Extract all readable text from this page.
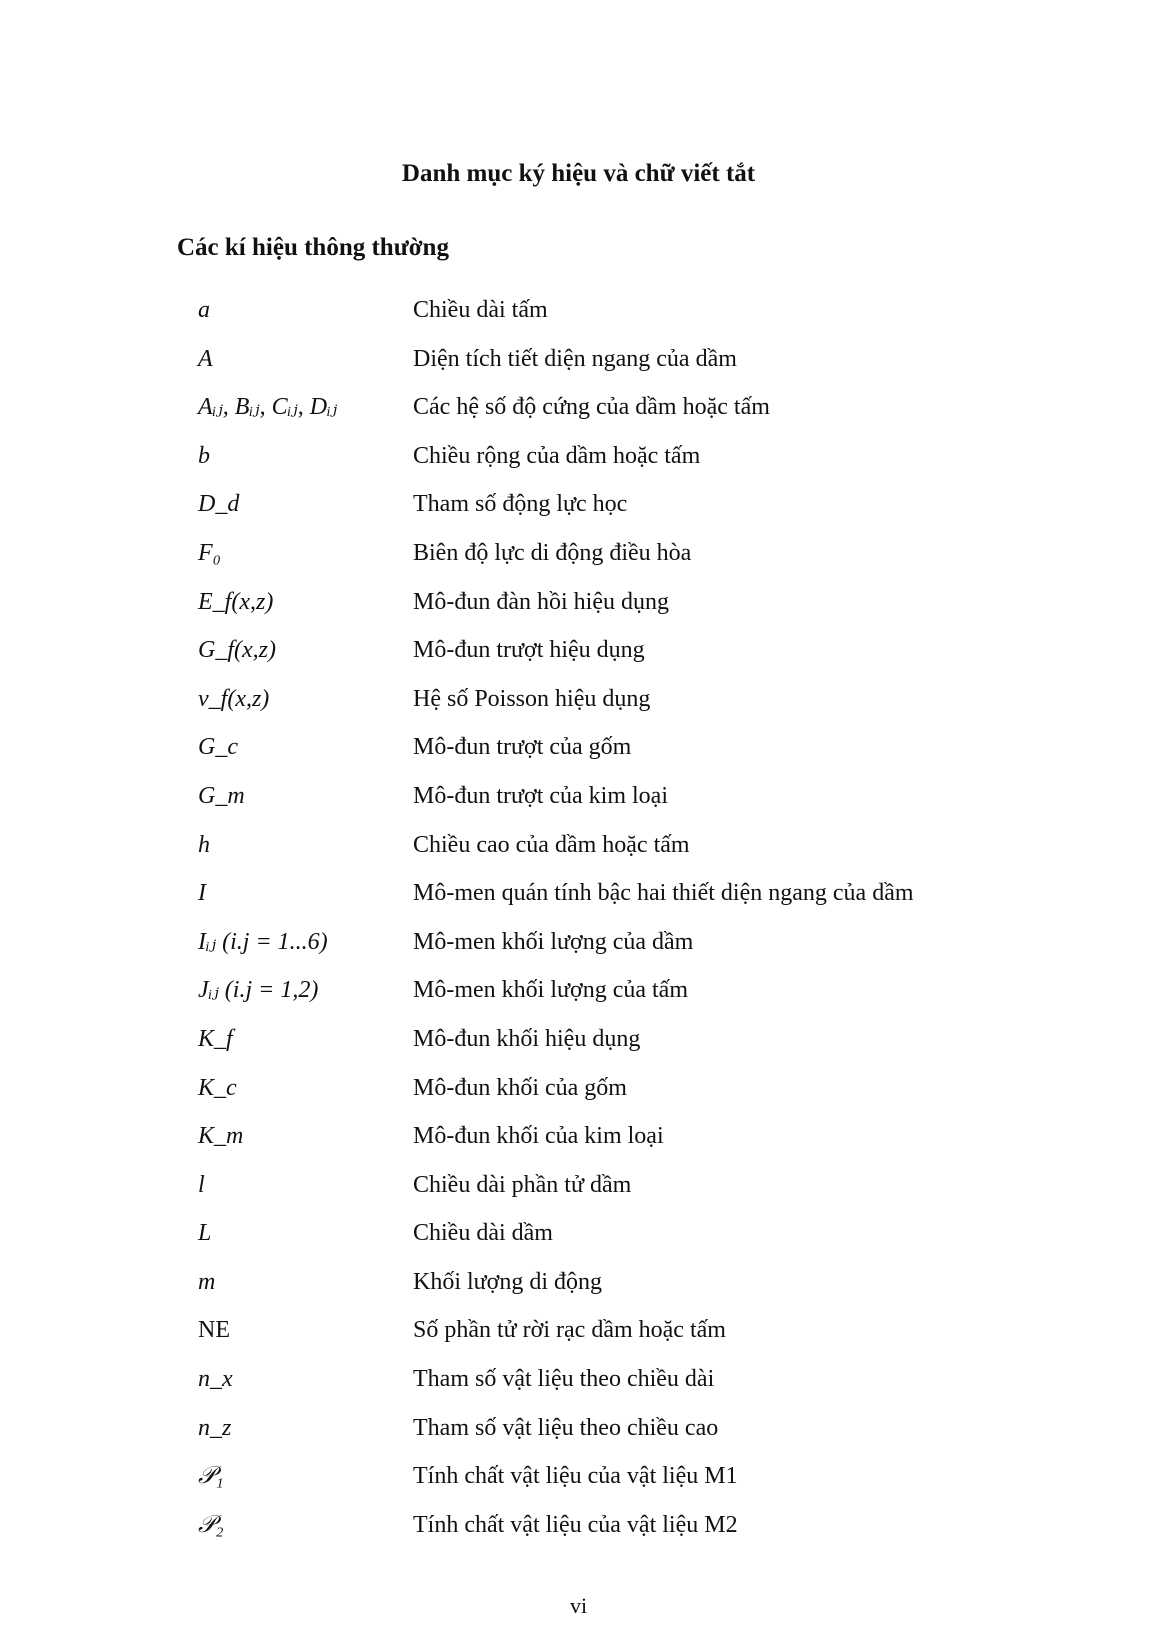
Danh mục ký hiệu và chữ viết tắt
Các kí hiệu thông thường
a	Chiều dài tấm
A	Diện tích tiết diện ngang của dầm
Aᵢⱼ, Bᵢⱼ, Cᵢⱼ, Dᵢⱼ	Các hệ số độ cứng của dầm hoặc tấm
b	Chiều rộng của dầm hoặc tấm
D_d	Tham số động lực học
F₀	Biên độ lực di động điều hòa
E_f(x,z)	Mô-đun đàn hồi hiệu dụng
G_f(x,z)	Mô-đun trượt hiệu dụng
ν_f(x,z)	Hệ số Poisson hiệu dụng
G_c	Mô-đun trượt của gốm
G_m	Mô-đun trượt của kim loại
h	Chiều cao của dầm hoặc tấm
I	Mô-men quán tính bậc hai thiết diện ngang của dầm
Iᵢⱼ (i.j = 1...6)	Mô-men khối lượng của dầm
Jᵢⱼ (i.j = 1,2)	Mô-men khối lượng của tấm
K_f	Mô-đun khối hiệu dụng
K_c	Mô-đun khối của gốm
K_m	Mô-đun khối của kim loại
l	Chiều dài phần tử dầm
L	Chiều dài dầm
m	Khối lượng di động
NE	Số phần tử rời rạc dầm hoặc tấm
n_x	Tham số vật liệu theo chiều dài
n_z	Tham số vật liệu theo chiều cao
𝒫₁	Tính chất vật liệu của vật liệu M1
𝒫₂	Tính chất vật liệu của vật liệu M2
vi
